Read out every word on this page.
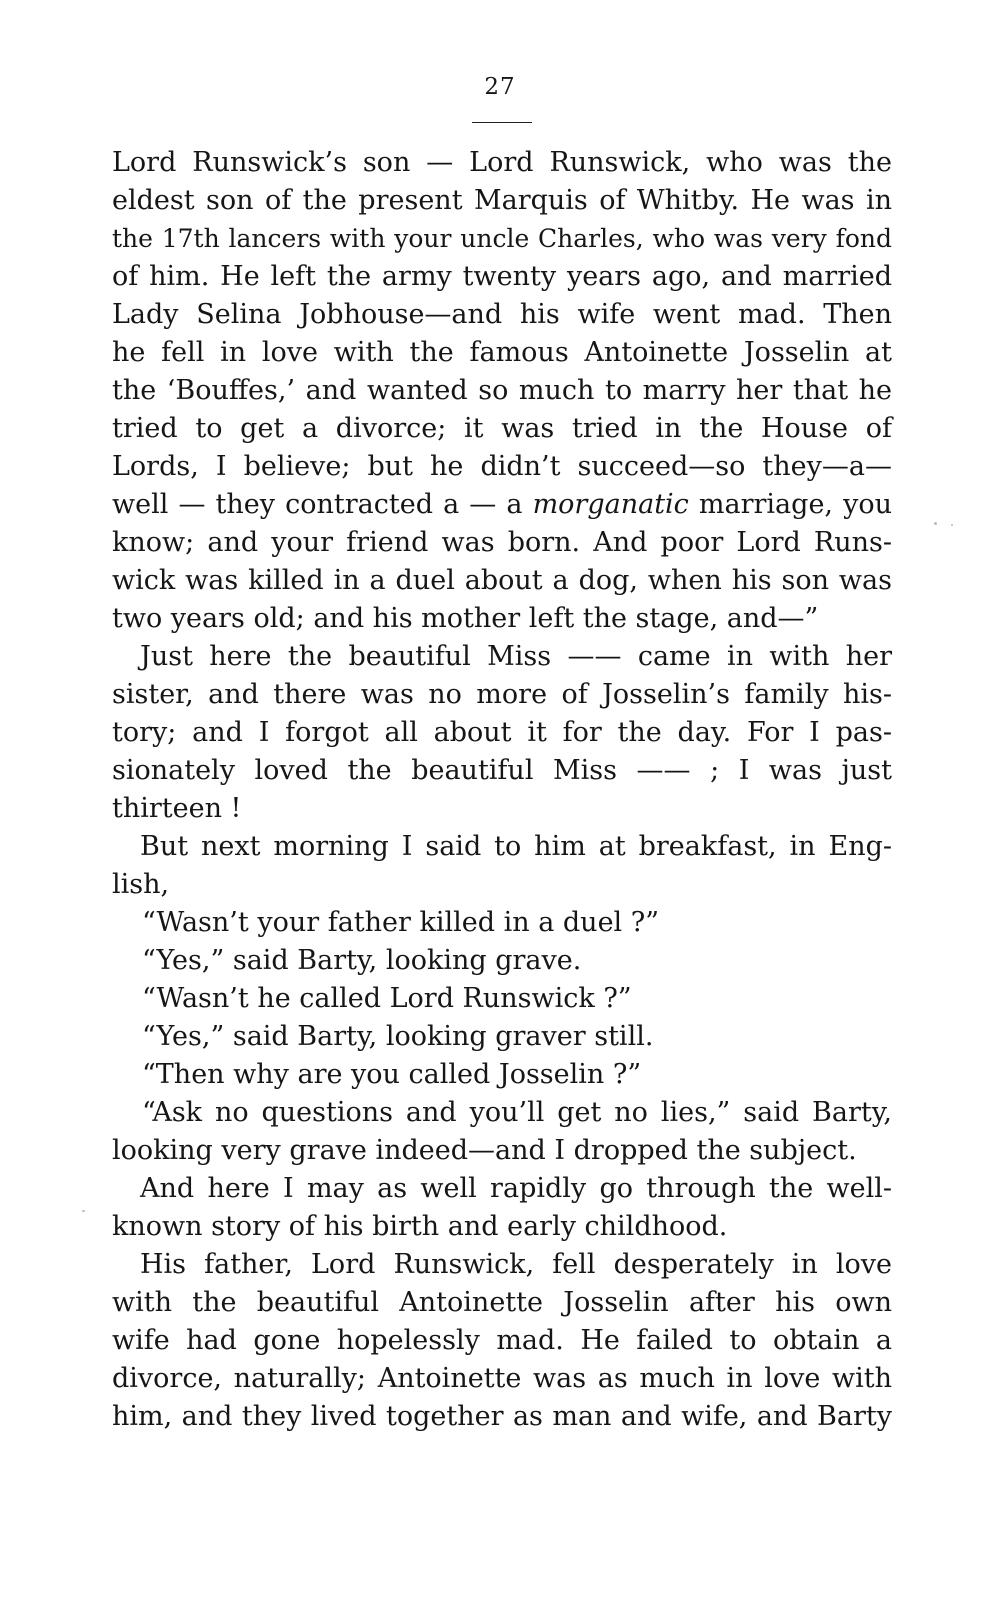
27
Lord Runswick’s son — Lord Runswick, who was the
eldest son of the present Marquis of Whitby. He was in
the 17th lancers with your uncle Charles, who was very fond
of him. He left the army twenty years ago, and married
Lady Selina Jobhouse—and his wife went mad. Then
he fell in love with the famous Antoinette Josselin at
the ‘Bouffes,’ and wanted so much to marry her that he
tried to get a divorce; it was tried in the House of
Lords, I believe; but he didn’t succeed—so they—a—
well — they contracted a — a morganatic marriage, you
know; and your friend was born. And poor Lord Runs-
wick was killed in a duel about a dog, when his son was
two years old; and his mother left the stage, and—”
Just here the beautiful Miss —— came in with her
sister, and there was no more of Josselin’s family his-
tory; and I forgot all about it for the day. For I pas-
sionately loved the beautiful Miss —— ; I was just
thirteen !
But next morning I said to him at breakfast, in Eng-
lish,
“Wasn’t your father killed in a duel ?”
“Yes,” said Barty, looking grave.
“Wasn’t he called Lord Runswick ?”
“Yes,” said Barty, looking graver still.
“Then why are you called Josselin ?”
“Ask no questions and you’ll get no lies,” said Barty,
looking very grave indeed—and I dropped the subject.
And here I may as well rapidly go through the well-
known story of his birth and early childhood.
His father, Lord Runswick, fell desperately in love
with the beautiful Antoinette Josselin after his own
wife had gone hopelessly mad. He failed to obtain a
divorce, naturally; Antoinette was as much in love with
him, and they lived together as man and wife, and Barty
